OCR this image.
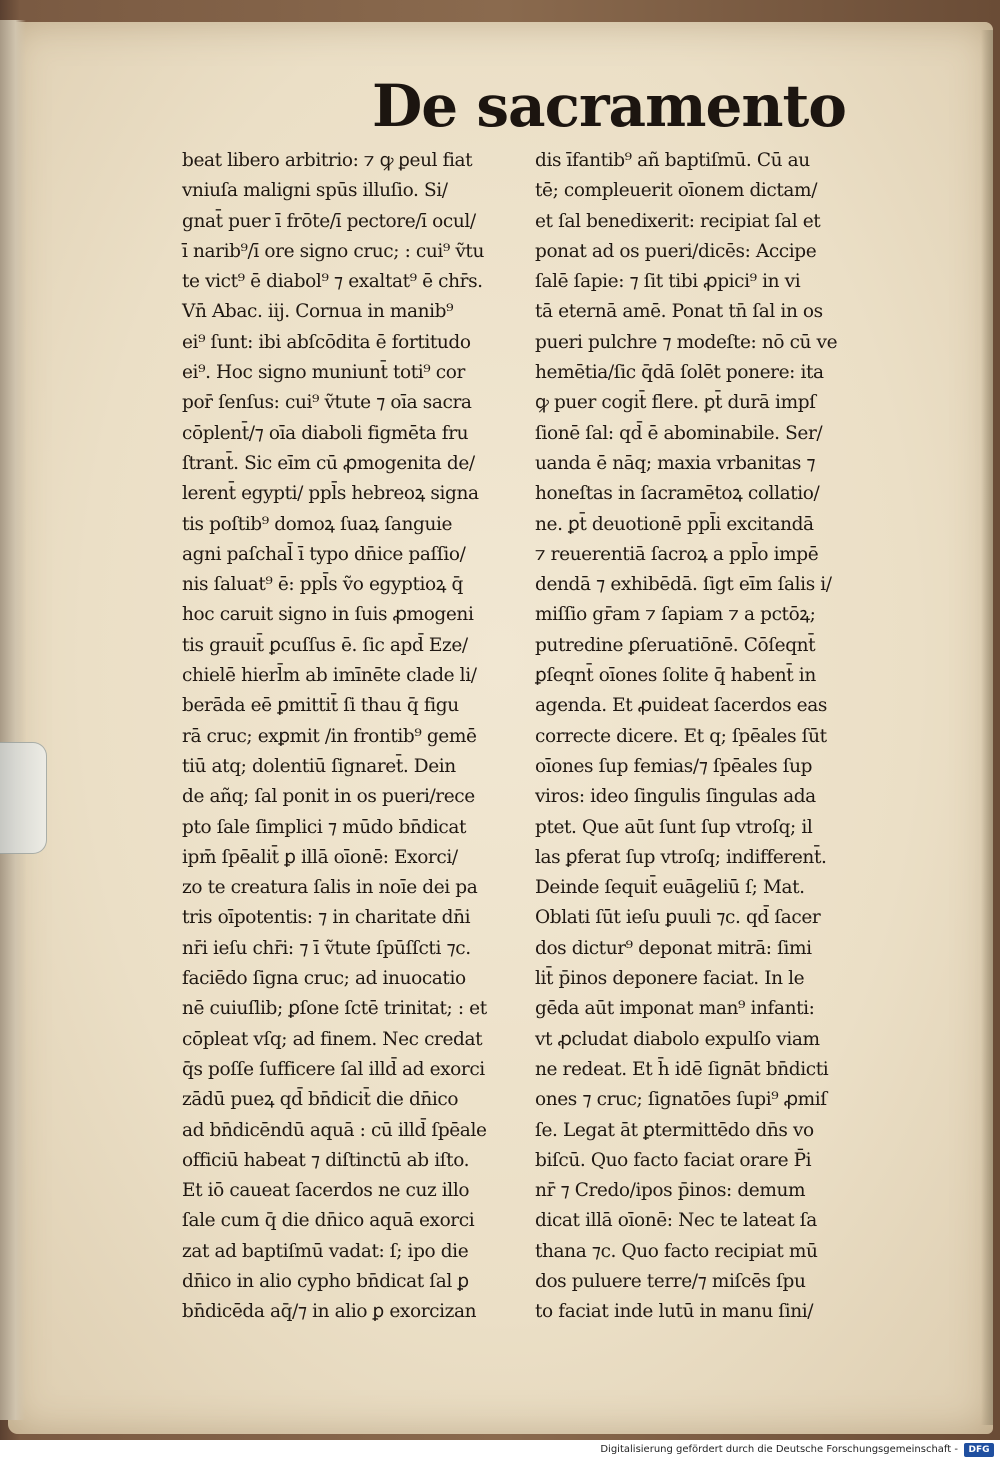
De sacramento
beat libero arbitrio: ⁊ ꝙ ꝑeul fiat
vniuſa maligni spūs illuſio. Si/
gnat̄ puer ī frōte/ī pectore/ī ocul/
ī narib⁹/ī ore signo cruc; : cui⁹ ṽtu
te vict⁹ ē diabol⁹ ⁊ exaltat⁹ ē chr̄s.
Vn̄ Abac. iij. Cornua in manib⁹
ei⁹ ſunt: ibi abſcōdita ē fortitudo
ei⁹. Hoc signo muniunt̄ toti⁹ cor
por̄ ſenſus: cui⁹ ṽtute ⁊ oīa sacra
cōplent̄/⁊ oīa diaboli figmēta fru
ſtrant̄. Sic eīm cū ꝓmogenita de/
lerent̄ egypti/ ppl̄s hebreoꝝ signa
tis poſtib⁹ domoꝝ ſuaꝝ ſanguie
agni paſchal̄ ī typo dn̄ice paſſio/
nis ſaluat⁹ ē: ppl̄s ṽo egyptioꝝ q̄
hoc caruit signo in ſuis ꝓmogeni
tis grauit̄ ꝑcuſſus ē. ſic apd̄ Eze/
chielē hierl̄m ab imīnēte clade li/
berāda eē ꝑmittit̄ ſi thau q̄ figu
rā cruc; exꝑmit /in frontib⁹ gemē
tiū atq; dolentiū ſignaret̄. Dein
de añq; ſal ponit in os pueri/rece
pto ſale ſimplici ⁊ mūdo bn̄dicat
ipm̄ ſpēalit̄ ꝑ illā oīonē: Exorci/
zo te creatura ſalis in noīe dei pa
tris oīpotentis: ⁊ in charitate dn̄i
nr̄i ieſu chr̄i: ⁊ ī ṽtute ſpūſſcti ⁊c.
faciēdo ſigna cruc; ad inuocatio
nē cuiuſlib; ꝑſone ſctē trinitat; : et
cōpleat vſq; ad finem. Nec credat
q̄s poſſe ſufficere ſal illd̄ ad exorci
zādū pueꝝ qd̄ bn̄dicit̄ die dn̄ico
ad bn̄dicēndū aquā : cū illd̄ ſpēale
officiū habeat ⁊ diſtinctū ab iſto.
Et iō caueat ſacerdos ne cuz illo
ſale cum q̄ die dn̄ico aquā exorci
zat ad baptiſmū vadat: ſ; ipo die
dn̄ico in alio cypho bn̄dicat ſal ꝑ
bn̄dicēda aq̄/⁊ in alio ꝑ exorcizan
dis īfantib⁹ añ baptiſmū. Cū au
tē; compleuerit oīonem dictam/
et ſal benedixerit: recipiat ſal et
ponat ad os pueri/dicēs: Accipe
ſalē ſapie: ⁊ ſit tibi ꝓpici⁹ in vi
tā eternā amē. Ponat tn̄ ſal in os
pueri pulchre ⁊ modeſte: nō cū ve
hemētia/ſic q̄dā ſolēt ponere: ita
ꝙ puer cogit̄ flere. ꝑt̄ durā impſ
ſionē ſal: qd̄ ē abominabile. Ser/
uanda ē nāq; maxia vrbanitas ⁊
honeſtas in ſacramētoꝝ collatio/
ne. ꝑt̄ deuotionē ppl̄i excitandā
⁊ reuerentiā ſacroꝝ a ppl̄o impē
dendā ⁊ exhibēdā. ſigt eīm ſalis i/
miſſio gr̄am ⁊ ſapiam ⁊ a pctōꝝ;
putredine ꝑſeruatiōnē. Cōſeqnt̄
ꝑſeqnt̄ oīones ſolite q̄ habent̄ in
agenda. Et ꝓuideat ſacerdos eas
correcte dicere. Et q; ſpēales ſūt
oīones ſup femias/⁊ ſpēales ſup
viros: ideo ſingulis ſingulas ada
ptet. Que aūt ſunt ſup vtroſq; il
las ꝑferat ſup vtroſq; indifferent̄.
Deinde ſequit̄ euāgeliū ſ; Mat.
Oblati ſūt ieſu ꝑuuli ⁊c. qd̄ ſacer
dos dictur⁹ deponat mitrā: ſimi
lit̄ p̄inos deponere faciat. In le
gēda aūt imponat man⁹ infanti:
vt ꝓcludat diabolo expulſo viam
ne redeat. Et h̄ idē ſignāt bn̄dicti
ones ⁊ cruc; ſignatōes ſupi⁹ ꝓmiſ
ſe. Legat āt ꝑtermittēdo dn̄s vo
biſcū. Quo facto faciat orare P̄i
nr̄ ⁊ Credo/ipos p̄inos: demum
dicat illā oīonē: Nec te lateat ſa
thana ⁊c. Quo facto recipiat mū
dos puluere terre/⁊ miſcēs ſpu
to faciat inde lutū in manu ſini/
Digitalisierung gefördert durch die Deutsche Forschungsgemeinschaft -	DFG
